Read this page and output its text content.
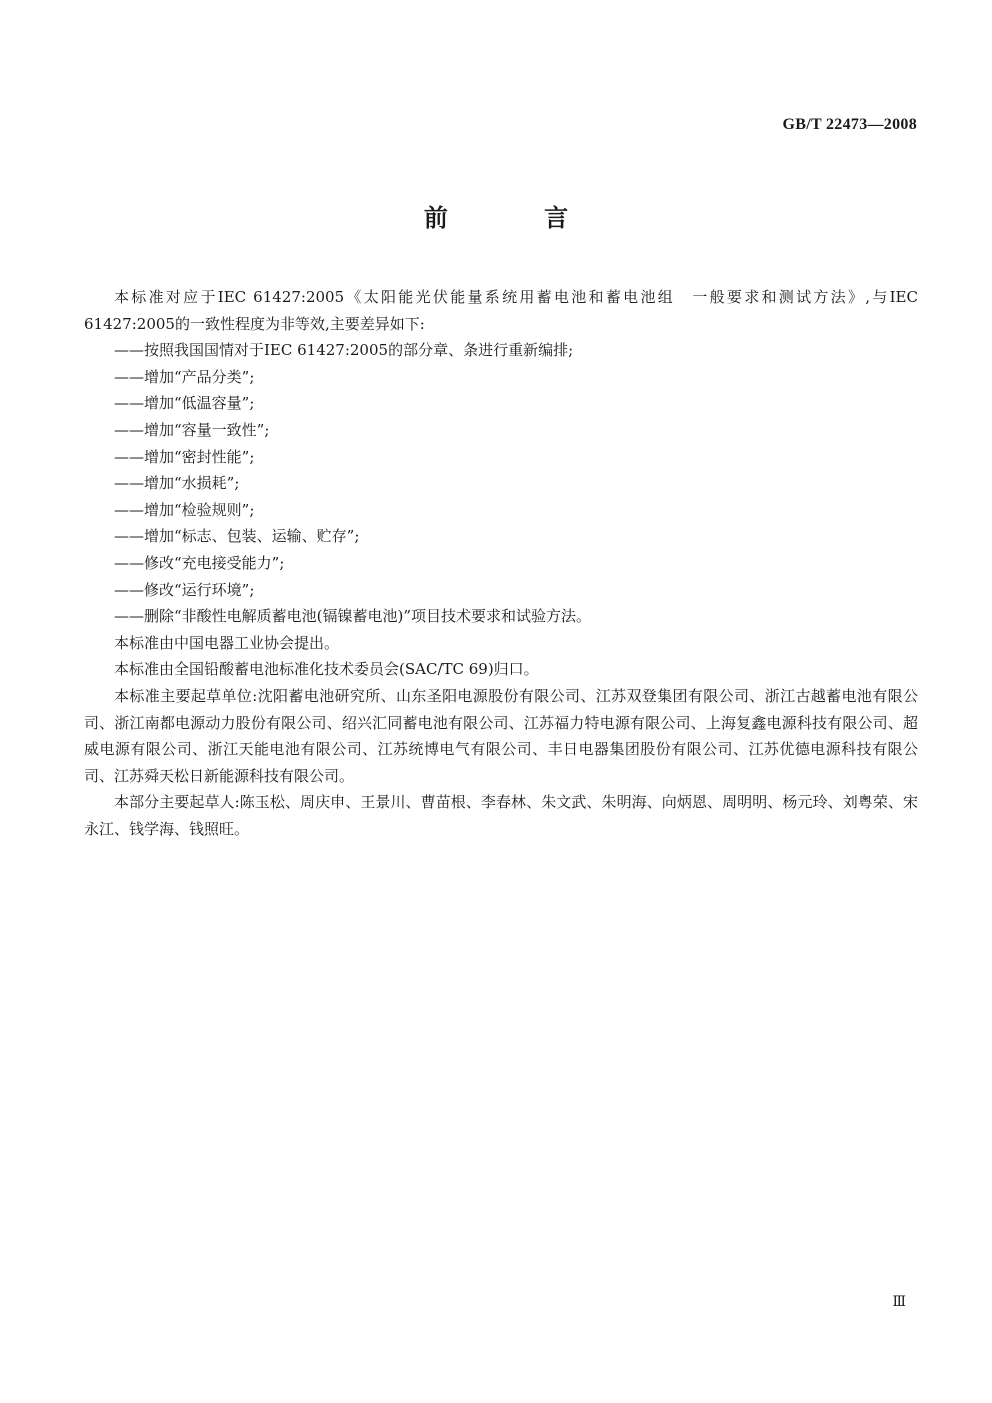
GB/T 22473—2008
前 言

本标准对应于IEC 61427:2005《太阳能光伏能量系统用蓄电池和蓄电池组　一般要求和测试方法》,与IEC 61427:2005的一致性程度为非等效,主要差异如下:

——按照我国国情对于IEC 61427:2005的部分章、条进行重新编排;

——增加“产品分类”;

——增加“低温容量”;

——增加“容量一致性”;

——增加“密封性能”;

——增加“水损耗”;

——增加“检验规则”;

——增加“标志、包装、运输、贮存”;

——修改“充电接受能力”;

——修改“运行环境”;

——删除“非酸性电解质蓄电池(镉镍蓄电池)”项目技术要求和试验方法。

本标准由中国电器工业协会提出。

本标准由全国铅酸蓄电池标准化技术委员会(SAC/TC 69)归口。

本标准主要起草单位:沈阳蓄电池研究所、山东圣阳电源股份有限公司、江苏双登集团有限公司、浙江古越蓄电池有限公司、浙江南都电源动力股份有限公司、绍兴汇同蓄电池有限公司、江苏福力特电源有限公司、上海复鑫电源科技有限公司、超威电源有限公司、浙江天能电池有限公司、江苏统博电气有限公司、丰日电器集团股份有限公司、江苏优德电源科技有限公司、江苏舜天松日新能源科技有限公司。

本部分主要起草人:陈玉松、周庆申、王景川、曹苗根、李春林、朱文武、朱明海、向炳恩、周明明、杨元玲、刘粤荣、宋永江、钱学海、钱照旺。

Ⅲ
